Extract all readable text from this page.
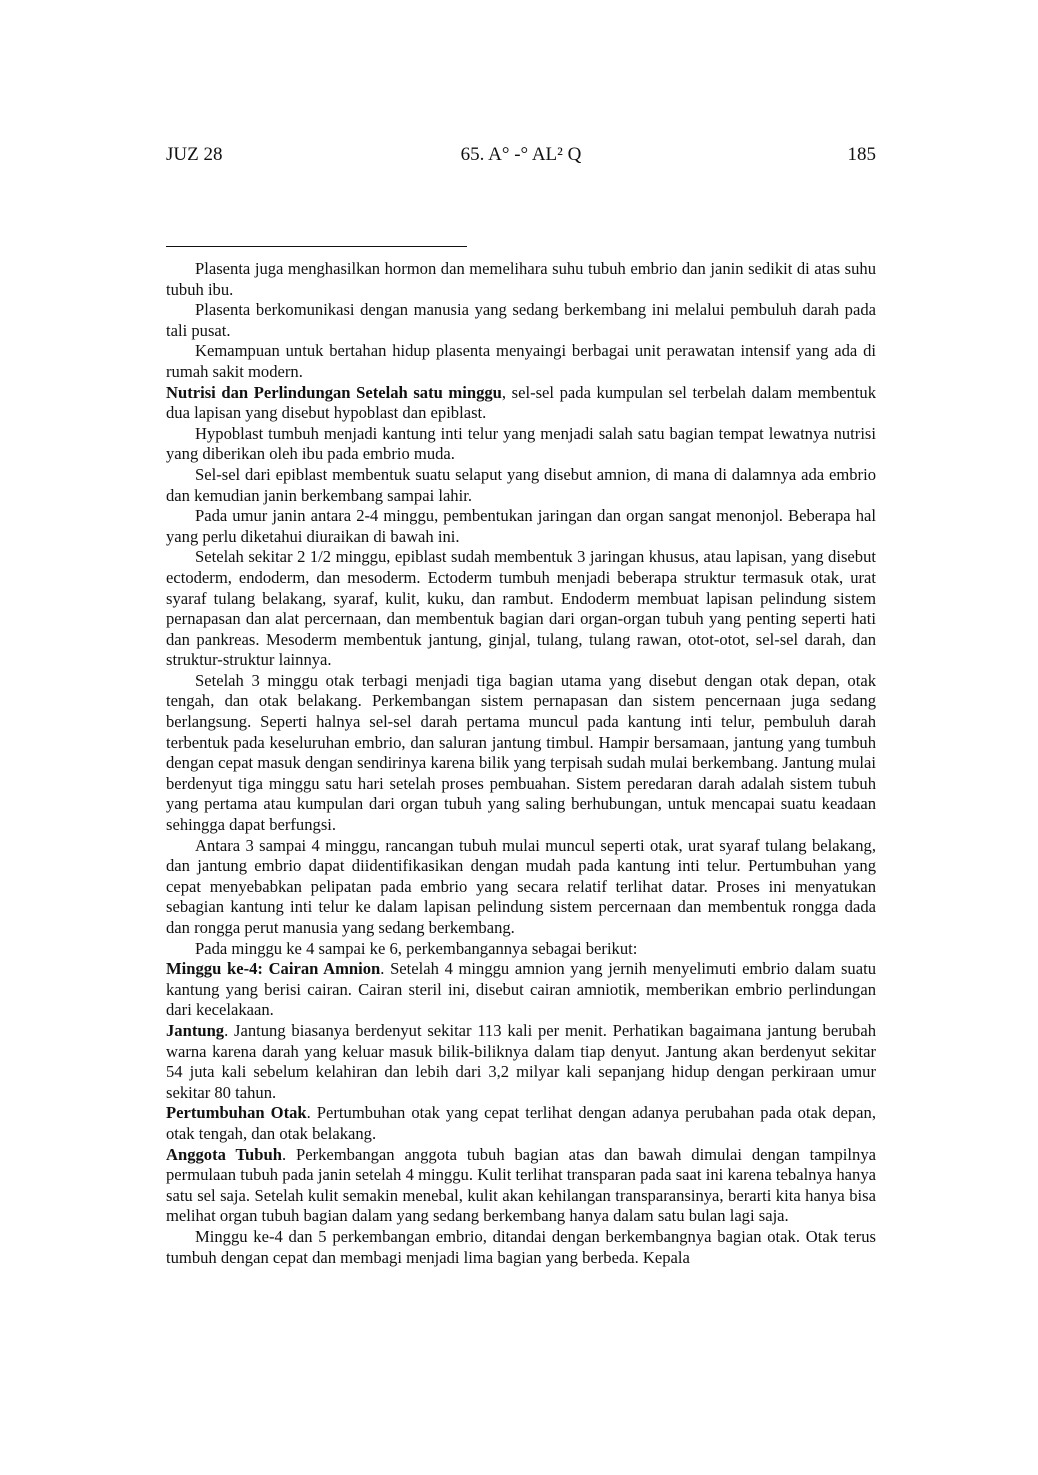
JUZ 28	65. A° -° AL² Q	185

Plasenta juga menghasilkan hormon dan memelihara suhu tubuh embrio dan janin sedikit di atas suhu tubuh ibu.

Plasenta berkomunikasi dengan manusia yang sedang berkembang ini melalui pembuluh darah pada tali pusat.

Kemampuan untuk bertahan hidup plasenta menyaingi berbagai unit perawatan intensif yang ada di rumah sakit modern.

Nutrisi dan Perlindungan Setelah satu minggu, sel-sel pada kumpulan sel terbelah dalam membentuk dua lapisan yang disebut hypoblast dan epiblast.

Hypoblast tumbuh menjadi kantung inti telur yang menjadi salah satu bagian tempat lewatnya nutrisi yang diberikan oleh ibu pada embrio muda.

Sel-sel dari epiblast membentuk suatu selaput yang disebut amnion, di mana di dalamnya ada embrio dan kemudian janin berkembang sampai lahir.

Pada umur janin antara 2-4 minggu, pembentukan jaringan dan organ sangat menonjol. Beberapa hal yang perlu diketahui diuraikan di bawah ini.

Setelah sekitar 2 1/2 minggu, epiblast sudah membentuk 3 jaringan khusus, atau lapisan, yang disebut ectoderm, endoderm, dan mesoderm. Ectoderm tumbuh menjadi beberapa struktur termasuk otak, urat syaraf tulang belakang, syaraf, kulit, kuku, dan rambut. Endoderm membuat lapisan pelindung sistem pernapasan dan alat percernaan, dan membentuk bagian dari organ-organ tubuh yang penting seperti hati dan pankreas. Mesoderm membentuk jantung, ginjal, tulang, tulang rawan, otot-otot, sel-sel darah, dan struktur-struktur lainnya.

Setelah 3 minggu otak terbagi menjadi tiga bagian utama yang disebut dengan otak depan, otak tengah, dan otak belakang. Perkembangan sistem pernapasan dan sistem pencernaan juga sedang berlangsung. Seperti halnya sel-sel darah pertama muncul pada kantung inti telur, pembuluh darah terbentuk pada keseluruhan embrio, dan saluran jantung timbul. Hampir bersamaan, jantung yang tumbuh dengan cepat masuk dengan sendirinya karena bilik yang terpisah sudah mulai berkembang. Jantung mulai berdenyut tiga minggu satu hari setelah proses pembuahan. Sistem peredaran darah adalah sistem tubuh yang pertama atau kumpulan dari organ tubuh yang saling berhubungan, untuk mencapai suatu keadaan sehingga dapat berfungsi.

Antara 3 sampai 4 minggu, rancangan tubuh mulai muncul seperti otak, urat syaraf tulang belakang, dan jantung embrio dapat diidentifikasikan dengan mudah pada kantung inti telur. Pertumbuhan yang cepat menyebabkan pelipatan pada embrio yang secara relatif terlihat datar. Proses ini menyatukan sebagian kantung inti telur ke dalam lapisan pelindung sistem percernaan dan membentuk rongga dada dan rongga perut manusia yang sedang berkembang.

Pada minggu ke 4 sampai ke 6, perkembangannya sebagai berikut:

Minggu ke-4: Cairan Amnion. Setelah 4 minggu amnion yang jernih menyelimuti embrio dalam suatu kantung yang berisi cairan. Cairan steril ini, disebut cairan amniotik, memberikan embrio perlindungan dari kecelakaan.

Jantung. Jantung biasanya berdenyut sekitar 113 kali per menit. Perhatikan bagaimana jantung berubah warna karena darah yang keluar masuk bilik-biliknya dalam tiap denyut. Jantung akan berdenyut sekitar 54 juta kali sebelum kelahiran dan lebih dari 3,2 milyar kali sepanjang hidup dengan perkiraan umur sekitar 80 tahun.

Pertumbuhan Otak. Pertumbuhan otak yang cepat terlihat dengan adanya perubahan pada otak depan, otak tengah, dan otak belakang.

Anggota Tubuh. Perkembangan anggota tubuh bagian atas dan bawah dimulai dengan tampilnya permulaan tubuh pada janin setelah 4 minggu. Kulit terlihat transparan pada saat ini karena tebalnya hanya satu sel saja. Setelah kulit semakin menebal, kulit akan kehilangan transparansinya, berarti kita hanya bisa melihat organ tubuh bagian dalam yang sedang berkembang hanya dalam satu bulan lagi saja.

Minggu ke-4 dan 5 perkembangan embrio, ditandai dengan berkembangnya bagian otak. Otak terus tumbuh dengan cepat dan membagi menjadi lima bagian yang berbeda. Kepala
